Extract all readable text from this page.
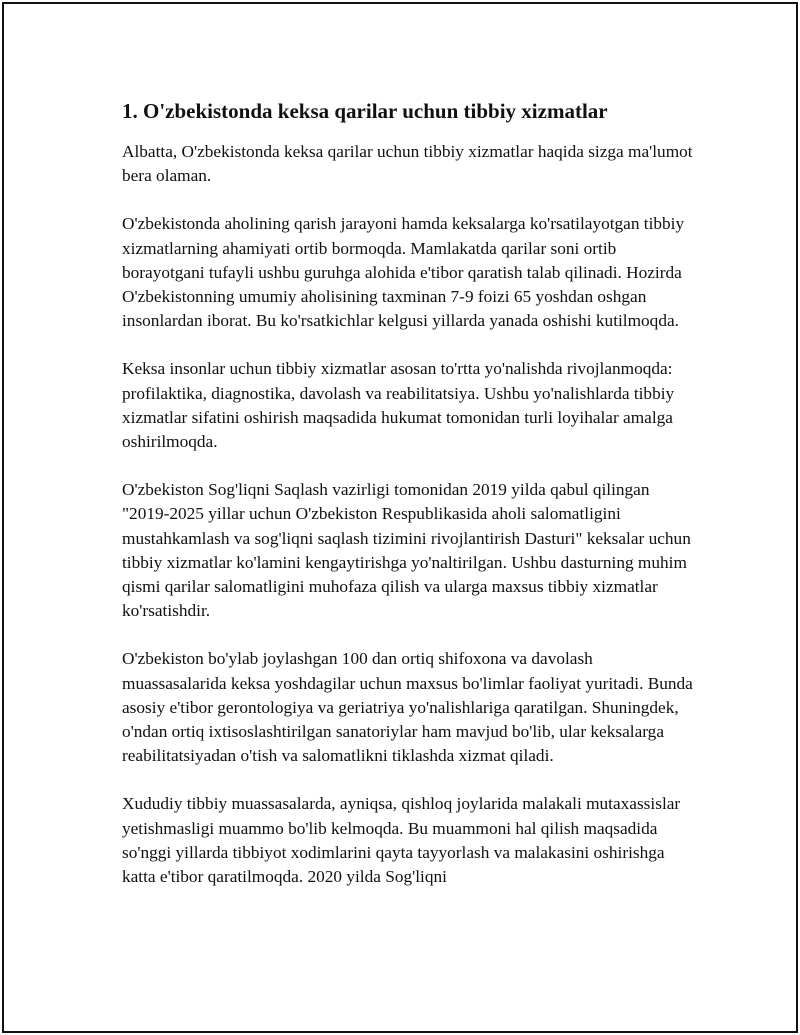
1. O'zbekistonda keksa qarilar uchun tibbiy xizmatlar

Albatta, O'zbekistonda keksa qarilar uchun tibbiy xizmatlar haqida sizga ma'lumot bera olaman.

O'zbekistonda aholining qarish jarayoni hamda keksalarga ko'rsatilayotgan tibbiy xizmatlarning ahamiyati ortib bormoqda. Mamlakatda qarilar soni ortib borayotgani tufayli ushbu guruhga alohida e'tibor qaratish talab qilinadi. Hozirda O'zbekistonning umumiy aholisining taxminan 7-9 foizi 65 yoshdan oshgan insonlardan iborat. Bu ko'rsatkichlar kelgusi yillarda yanada oshishi kutilmoqda.

Keksa insonlar uchun tibbiy xizmatlar asosan to'rtta yo'nalishda rivojlanmoqda: profilaktika, diagnostika, davolash va reabilitatsiya. Ushbu yo'nalishlarda tibbiy xizmatlar sifatini oshirish maqsadida hukumat tomonidan turli loyihalar amalga oshirilmoqda.

O'zbekiston Sog'liqni Saqlash vazirligi tomonidan 2019 yilda qabul qilingan "2019-2025 yillar uchun O'zbekiston Respublikasida aholi salomatligini mustahkamlash va sog'liqni saqlash tizimini rivojlantirish Dasturi" keksalar uchun tibbiy xizmatlar ko'lamini kengaytirishga yo'naltirilgan. Ushbu dasturning muhim qismi qarilar salomatligini muhofaza qilish va ularga maxsus tibbiy xizmatlar ko'rsatishdir.

O'zbekiston bo'ylab joylashgan 100 dan ortiq shifoxona va davolash muassasalarida keksa yoshdagilar uchun maxsus bo'limlar faoliyat yuritadi. Bunda asosiy e'tibor gerontologiya va geriatriya yo'nalishlariga qaratilgan. Shuningdek, o'ndan ortiq ixtisoslashtirilgan sanatoriylar ham mavjud bo'lib, ular keksalarga reabilitatsiyadan o'tish va salomatlikni tiklashda xizmat qiladi.

Xududiy tibbiy muassasalarda, ayniqsa, qishloq joylarida malakali mutaxassislar yetishmasligi muammo bo'lib kelmoqda. Bu muammoni hal qilish maqsadida so'nggi yillarda tibbiyot xodimlarini qayta tayyorlash va malakasini oshirishga katta e'tibor qaratilmoqda. 2020 yilda Sog'liqni
